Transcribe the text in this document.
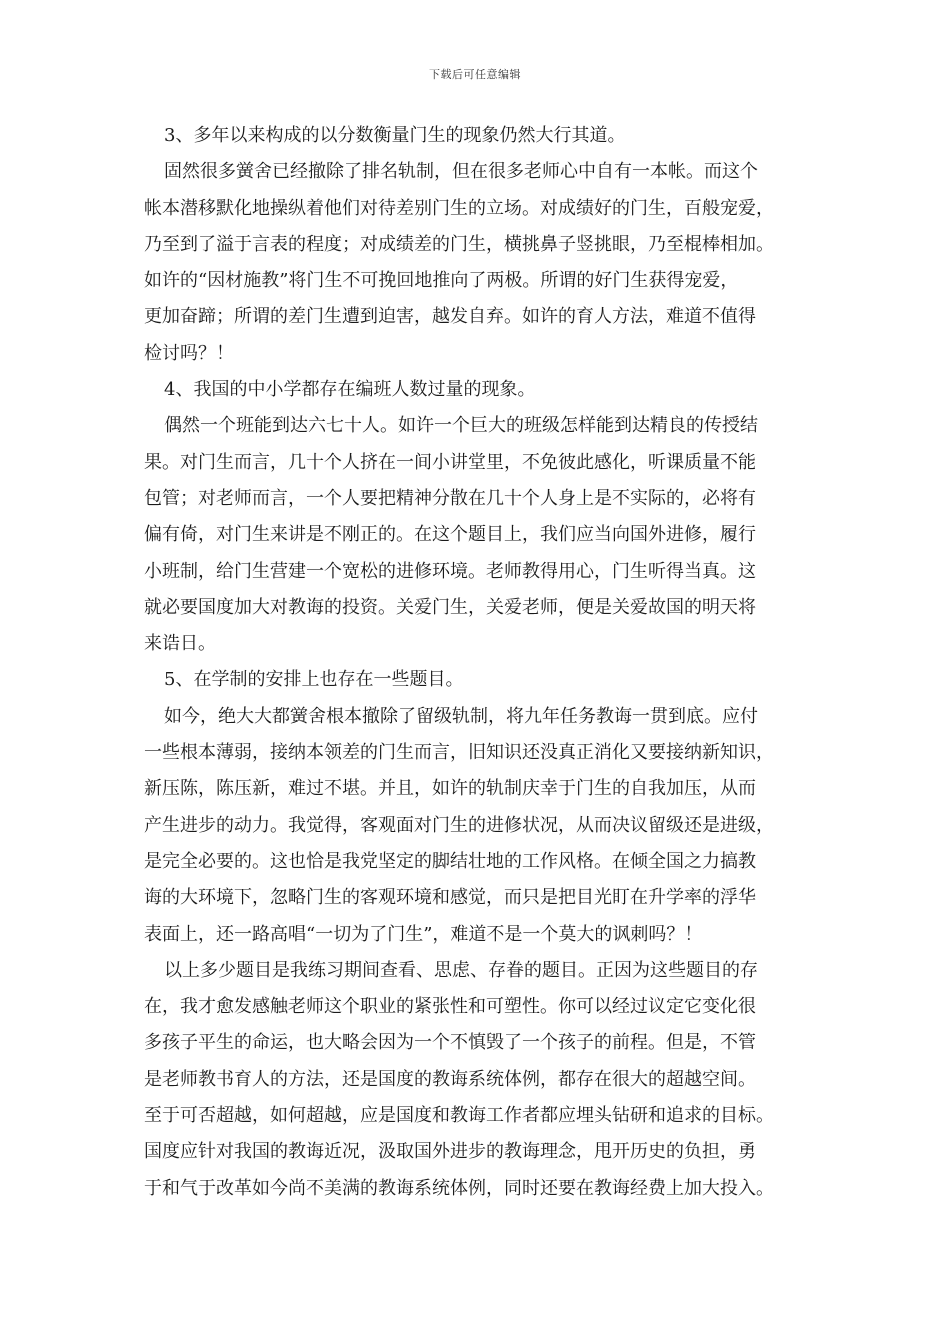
下载后可任意编辑
3、多年以来构成的以分数衡量门生的现象仍然大行其道。
固然很多黉舍已经撤除了排名轨制，但在很多老师心中自有一本帐。而这个
帐本潜移默化地操纵着他们对待差别门生的立场。对成绩好的门生，百般宠爱，
乃至到了溢于言表的程度；对成绩差的门生，横挑鼻子竖挑眼，乃至棍棒相加。
如许的“因材施教”将门生不可挽回地推向了两极。所谓的好门生获得宠爱，
更加奋蹄；所谓的差门生遭到迫害，越发自弃。如许的育人方法，难道不值得
检讨吗？！
4、我国的中小学都存在编班人数过量的现象。
偶然一个班能到达六七十人。如许一个巨大的班级怎样能到达精良的传授结
果。对门生而言，几十个人挤在一间小讲堂里，不免彼此感化，听课质量不能
包管；对老师而言，一个人要把精神分散在几十个人身上是不实际的，必将有
偏有倚，对门生来讲是不刚正的。在这个题目上，我们应当向国外进修，履行
小班制，给门生营建一个宽松的进修环境。老师教得用心，门生听得当真。这
就必要国度加大对教诲的投资。关爱门生，关爱老师，便是关爱故国的明天将
来诰日。
5、在学制的安排上也存在一些题目。
如今，绝大大都黉舍根本撤除了留级轨制，将九年任务教诲一贯到底。应付
一些根本薄弱，接纳本领差的门生而言，旧知识还没真正消化又要接纳新知识，
新压陈，陈压新，难过不堪。并且，如许的轨制庆幸于门生的自我加压，从而
产生进步的动力。我觉得，客观面对门生的进修状况，从而决议留级还是进级，
是完全必要的。这也恰是我党坚定的脚结壮地的工作风格。在倾全国之力搞教
诲的大环境下，忽略门生的客观环境和感觉，而只是把目光盯在升学率的浮华
表面上，还一路高唱“一切为了门生”，难道不是一个莫大的讽刺吗？！
以上多少题目是我练习期间查看、思虑、存眷的题目。正因为这些题目的存
在，我才愈发感触老师这个职业的紧张性和可塑性。你可以经过议定它变化很
多孩子平生的命运，也大略会因为一个不慎毁了一个孩子的前程。但是，不管
是老师教书育人的方法，还是国度的教诲系统体例，都存在很大的超越空间。
至于可否超越，如何超越，应是国度和教诲工作者都应埋头钻研和追求的目标。
国度应针对我国的教诲近况，汲取国外进步的教诲理念，甩开历史的负担，勇
于和气于改革如今尚不美满的教诲系统体例，同时还要在教诲经费上加大投入。
